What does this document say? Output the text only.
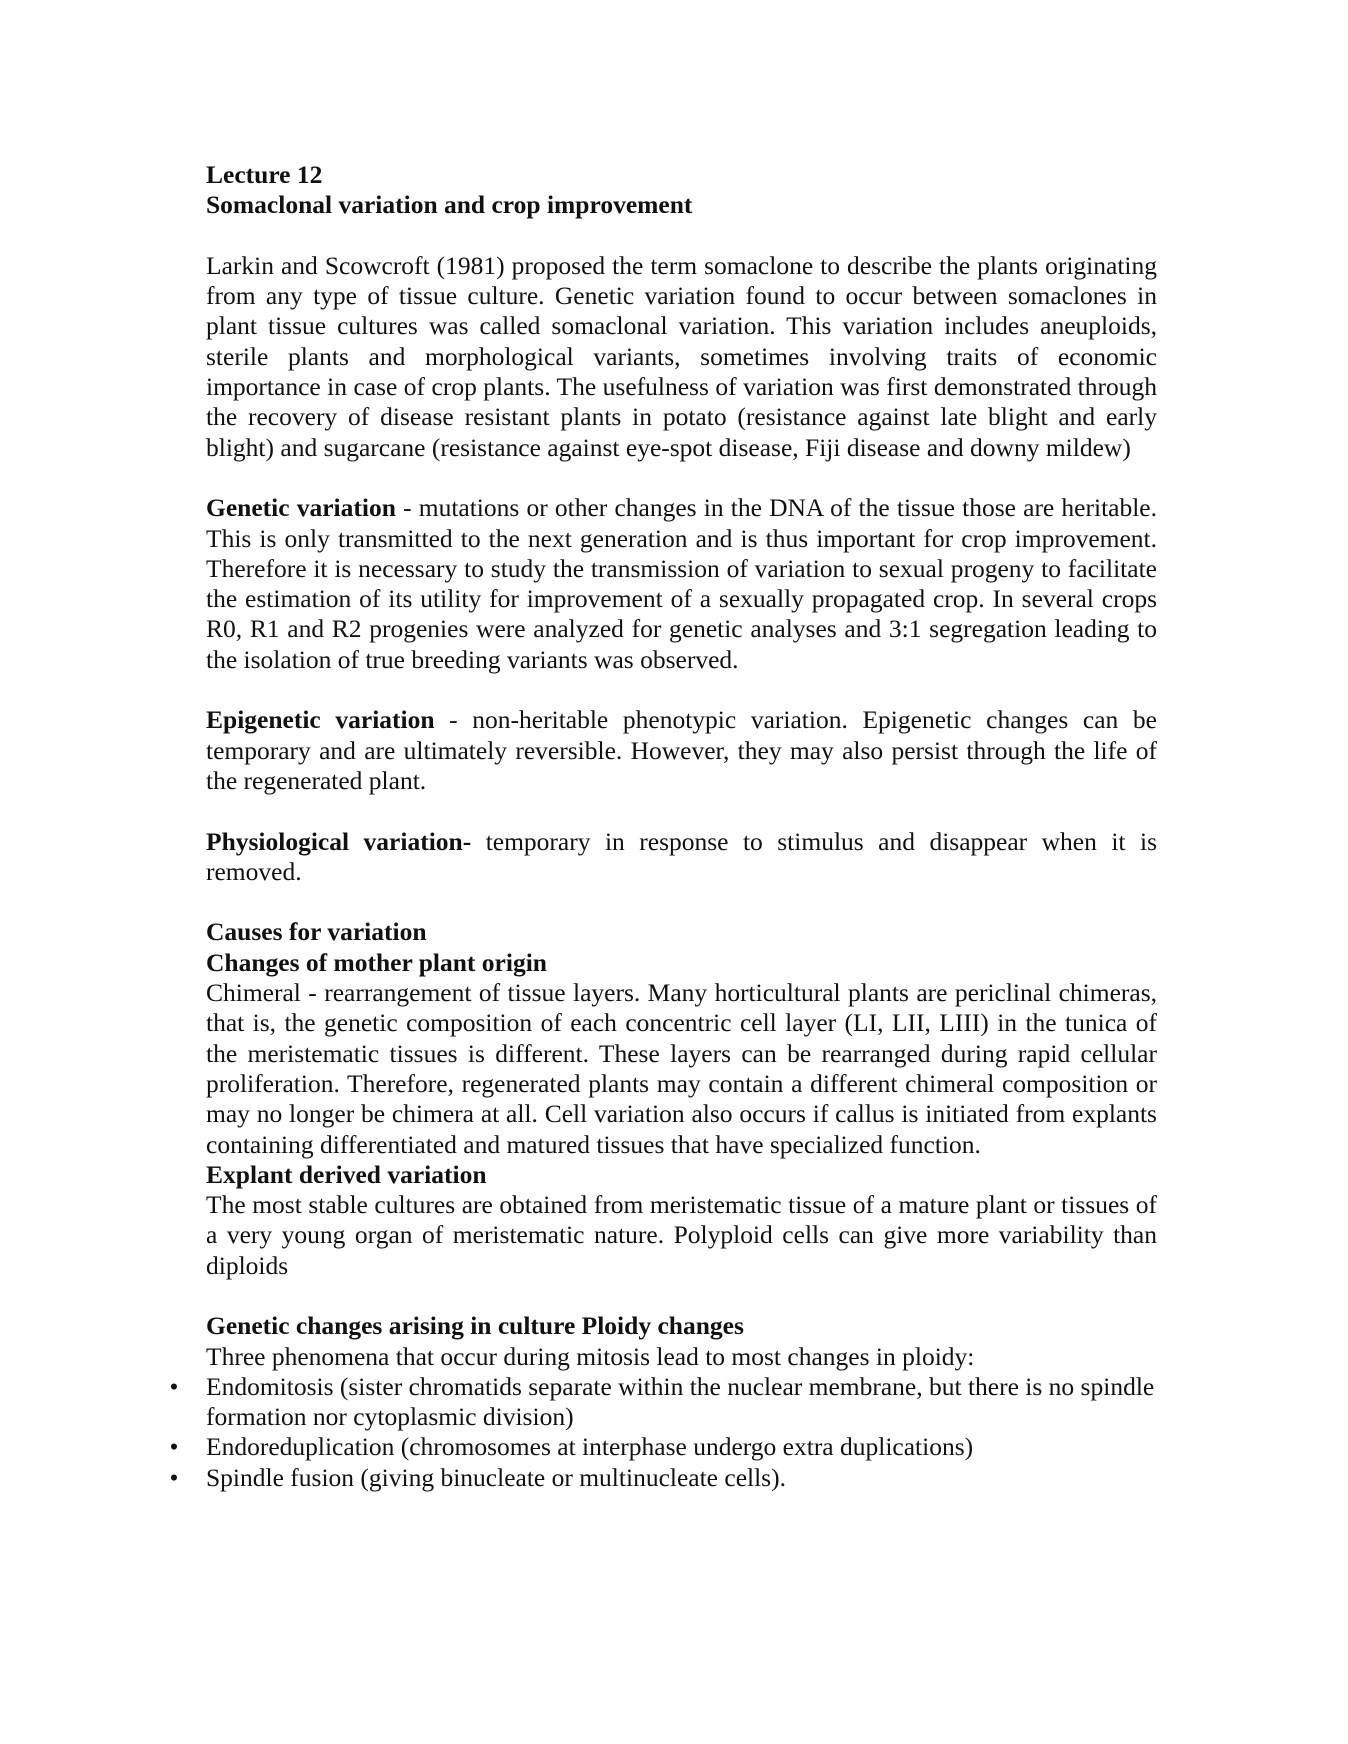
Lecture 12
Somaclonal variation and crop improvement

Larkin and Scowcroft (1981) proposed the term somaclone to describe the plants originating from any type of tissue culture. Genetic variation found to occur between somaclones in plant tissue cultures was called somaclonal variation. This variation includes aneuploids, sterile plants and morphological variants, sometimes involving traits of economic importance in case of crop plants. The usefulness of variation was first demonstrated through the recovery of disease resistant plants in potato (resistance against late blight and early blight) and sugarcane (resistance against eye-spot disease, Fiji disease and downy mildew)

Genetic variation - mutations or other changes in the DNA of the tissue those are heritable. This is only transmitted to the next generation and is thus important for crop improvement. Therefore it is necessary to study the transmission of variation to sexual progeny to facilitate the estimation of its utility for improvement of a sexually propagated crop. In several crops R0, R1 and R2 progenies were analyzed for genetic analyses and 3:1 segregation leading to the isolation of true breeding variants was observed.

Epigenetic variation - non-heritable phenotypic variation. Epigenetic changes can be temporary and are ultimately reversible. However, they may also persist through the life of the regenerated plant.

Physiological variation- temporary in response to stimulus and disappear when it is removed.

Causes for variation
Changes of mother plant origin

Chimeral - rearrangement of tissue layers. Many horticultural plants are periclinal chimeras, that is, the genetic composition of each concentric cell layer (LI, LII, LIII) in the tunica of the meristematic tissues is different. These layers can be rearranged during rapid cellular proliferation. Therefore, regenerated plants may contain a different chimeral composition or may no longer be chimera at all. Cell variation also occurs if callus is initiated from explants containing differentiated and matured tissues that have specialized function.

Explant derived variation

The most stable cultures are obtained from meristematic tissue of a mature plant or tissues of a very young organ of meristematic nature. Polyploid cells can give more variability than diploids

Genetic changes arising in culture Ploidy changes
Three phenomena that occur during mitosis lead to most changes in ploidy:
• Endomitosis (sister chromatids separate within the nuclear membrane, but there is no spindle formation nor cytoplasmic division)
• Endoreduplication (chromosomes at interphase undergo extra duplications)
• Spindle fusion (giving binucleate or multinucleate cells).
